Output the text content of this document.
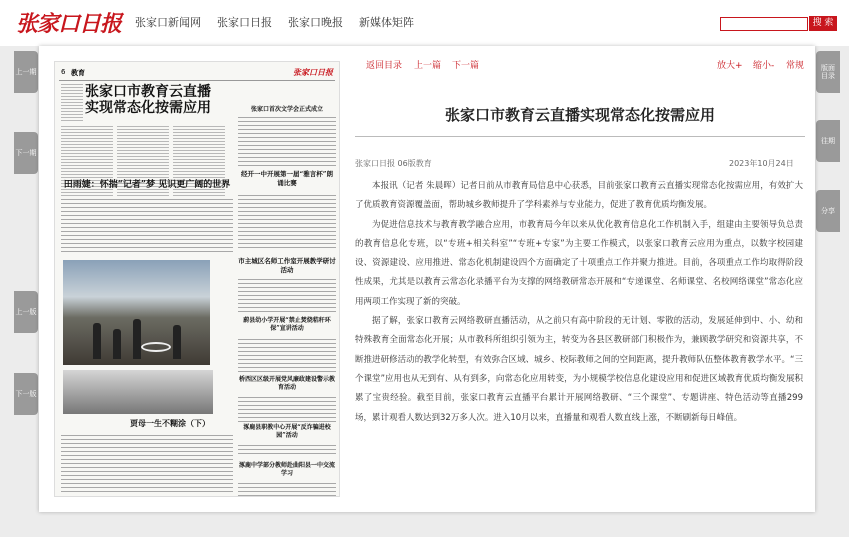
张家口日报 张家口新闻网 张家口日报 张家口晚报 新媒体矩阵	搜 索
上一期
下一期
上一版
下一版
版面目录
往期
分享
6 教育	张家口日报
张家口市教育云直播实现常态化按需应用	张家口首次文学会正式成立
经开一中开展第一届“雅言杯”朗诵比赛
田雨婕：怀揣“记者”梦 见识更广阔的世界
市主城区名师工作室开展教学研讨活动
蔚县幼小学开展“禁止焚烧秸秆环保”宣讲活动
桥西区区级开展党风廉政建设警示教育活动
涿鹿县职教中心开展“反诈骗进校园”活动
涿鹿中学部分教师赴曲阳县一中交流学习
贾母一生不糊涂（下）
返回目录 上一篇 下一篇	放大+ 缩小- 常规
张家口市教育云直播实现常态化按需应用
张家口日报 06版教育	2023年10月24日

本报讯（记者 朱晨晖）记者日前从市教育局信息中心获悉，目前张家口教育云直播实现常态化按需应用，有效扩大了优质教育资源覆盖面，帮助城乡教师提升了学科素养与专业能力，促进了教育优质均衡发展。

为促进信息技术与教育教学融合应用，市教育局今年以来从优化教育信息化工作机制入手，组建由主要领导负总责的教育信息化专班，以“专班+相关科室”“专班+专家”为主要工作模式，以张家口教育云应用为重点，以数字校园建设、资源建设、应用推进、常态化机制建设四个方面确定了十项重点工作并聚力推进。目前，各项重点工作均取得阶段性成果，尤其是以教育云常态化录播平台为支撑的网络教研常态开展和“专递课堂、名师课堂、名校网络课堂”常态化应用两项工作实现了新的突破。

据了解，张家口教育云网络教研直播活动，从之前只有高中阶段的无计划、零散的活动，发展延伸到中、小、幼和特殊教育全面常态化开展；从市教科所组织引领为主，转变为各县区教研部门积极作为，兼顾教学研究和资源共享，不断推进研修活动的教学化转型，有效弥合区域、城乡、校际教师之间的空间距离，提升教师队伍整体教育教学水平。“三个课堂”应用也从无到有、从有到多，向常态化应用转变，为小规模学校信息化建设应用和促进区域教育优质均衡发展积累了宝贵经验。截至目前，张家口教育云直播平台累计开展网络教研、“三个课堂”、专题讲座、特色活动等直播299场，累计观看人数达到32万多人次。进入10月以来，直播量和观看人数直线上涨，不断刷新每日峰值。
